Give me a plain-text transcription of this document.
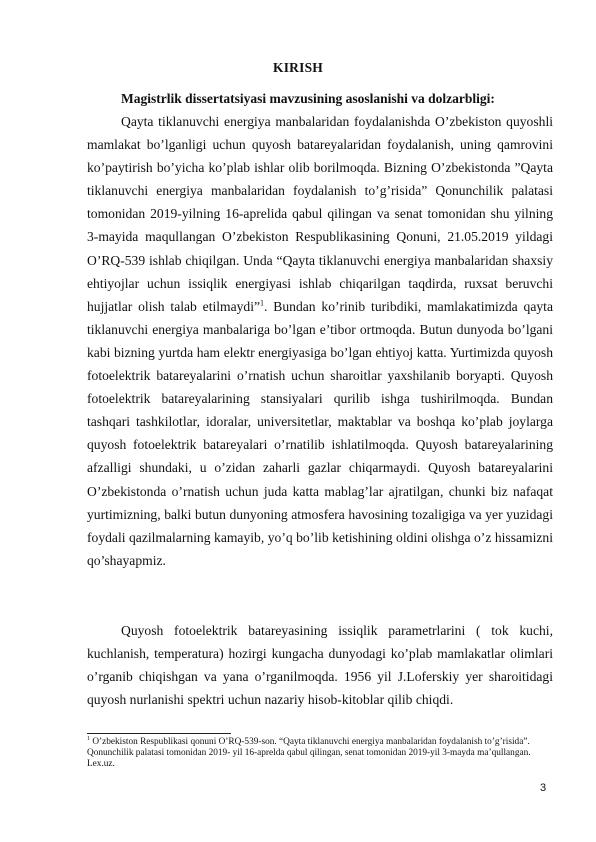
KIRISH
Magistrlik dissertatsiyasi mavzusining asoslanishi va dolzarbligi:

Qayta tiklanuvchi energiya manbalaridan foydalanishda O’zbekiston quyoshli mamlakat bo’lganligi uchun quyosh batareyalaridan foydalanish, uning qamrovini ko’paytirish bo’yicha ko’plab ishlar olib borilmoqda. Bizning O’zbekistonda ”Qayta tiklanuvchi energiya manbalaridan foydalanish to’g’risida” Qonunchilik palatasi tomonidan 2019-yilning 16-aprelida qabul qilingan va senat tomonidan shu yilning 3-mayida maqullangan O’zbekiston Respublikasining Qonuni, 21.05.2019 yildagi O’RQ-539 ishlab chiqilgan. Unda “Qayta tiklanuvchi energiya manbalaridan shaxsiy ehtiyojlar uchun issiqlik energiyasi ishlab chiqarilgan taqdirda, ruxsat beruvchi hujjatlar olish talab etilmaydi”$^1$. Bundan ko’rinib turibdiki, mamlakatimizda qayta tiklanuvchi energiya manbalariga bo’lgan e’tibor ortmoqda. Butun dunyoda bo’lgani kabi bizning yurtda ham elektr energiyasiga bo’lgan ehtiyoj katta. Yurtimizda quyosh fotoelektrik batareyalarini o’rnatish uchun sharoitlar yaxshilanib boryapti. Quyosh fotoelektrik batareyalarining stansiyalari qurilib ishga tushirilmoqda. Bundan tashqari tashkilotlar, idoralar, universitetlar, maktablar va boshqa ko’plab joylarga quyosh fotoelektrik batareyalari o’rnatilib ishlatilmoqda. Quyosh batareyalarining afzalligi shundaki, u o’zidan zaharli gazlar chiqarmaydi. Quyosh batareyalarini O’zbekistonda o’rnatish uchun juda katta mablag’lar ajratilgan, chunki biz nafaqat yurtimizning, balki butun dunyoning atmosfera havosining tozaligiga va yer yuzidagi foydali qazilmalarning kamayib, yo’q bo’lib ketishining oldini olishga o’z hissamizni qo’shayapmiz.

Quyosh fotoelektrik batareyasining issiqlik parametrlarini ( tok kuchi, kuchlanish, temperatura) hozirgi kungacha dunyodagi ko’plab mamlakatlar olimlari o’rganib chiqishgan va yana o’rganilmoqda. 1956 yil J.Loferskiy yer sharoitidagi quyosh nurlanishi spektri uchun nazariy hisob-kitoblar qilib chiqdi.

$^1$ O’zbekiston Respublikasi qonuni O’RQ-539-son. “Qayta tiklanuvchi energiya manbalaridan foydalanish to’g’risida”. Qonunchilik palatasi tomonidan 2019- yil 16-aprelda qabul qilingan, senat tomonidan 2019-yil 3-mayda ma’qullangan. Lex.uz.

3
